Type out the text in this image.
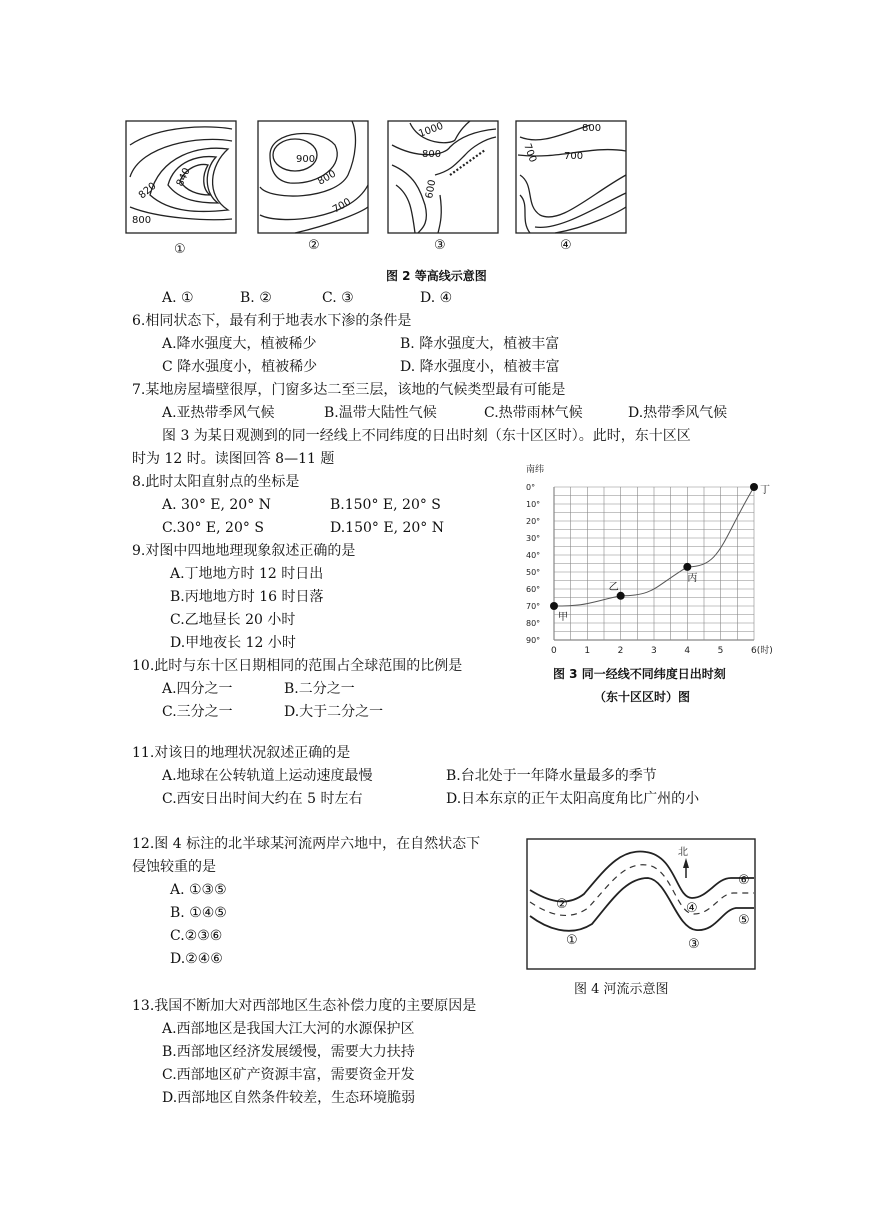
840
820
800
900
800
700
1000
800
600
800
700	700
①	②	③	④
图 2 等高线示意图
A. ①	B. ②	C. ③	D. ④
6.相同状态下，最有利于地表水下渗的条件是
A.降水强度大，植被稀少	B. 降水强度大，植被丰富
C 降水强度小，植被稀少	D. 降水强度小，植被丰富
7.某地房屋墙壁很厚，门窗多达二至三层，该地的气候类型最有可能是
A.亚热带季风气候	B.温带大陆性气候	C.热带雨林气候	D.热带季风气候
图 3 为某日观测到的同一经线上不同纬度的日出时刻（东十区区时）。此时，东十区区
时为 12 时。读图回答 8—11 题
8.此时太阳直射点的坐标是
A. 30° E, 20° N	B.150° E, 20° S
C.30° E, 20° S	D.150° E, 20° N
9.对图中四地地理现象叙述正确的是
A.丁地地方时 12 时日出
B.丙地地方时 16 时日落
C.乙地昼长 20 小时
D.甲地夜长 12 小时
10.此时与东十区日期相同的范围占全球范围的比例是
A.四分之一	B.二分之一
C.三分之一	D.大于二分之一
0°
10°
20°
30°
40°
50°
60°
70°
80°
90°
0	1	2	3	4	5	6(时)
甲
乙
丙
丁
南纬
图 3 同一经线不同纬度日出时刻
（东十区区时）图
11.对该日的地理状况叙述正确的是
A.地球在公转轨道上运动速度最慢	B.台北处于一年降水量最多的季节
C.西安日出时间大约在 5 时左右	D.日本东京的正午太阳高度角比广州的小
12.图 4 标注的北半球某河流两岸六地中，在自然状态下
侵蚀较重的是
A. ①③⑤
B. ①④⑤
C.②③⑥
D.②④⑥
北
①
②
③
④
⑤
⑥
图 4 河流示意图
13.我国不断加大对西部地区生态补偿力度的主要原因是
A.西部地区是我国大江大河的水源保护区
B.西部地区经济发展缓慢，需要大力扶持
C.西部地区矿产资源丰富，需要资金开发
D.西部地区自然条件较差，生态环境脆弱
